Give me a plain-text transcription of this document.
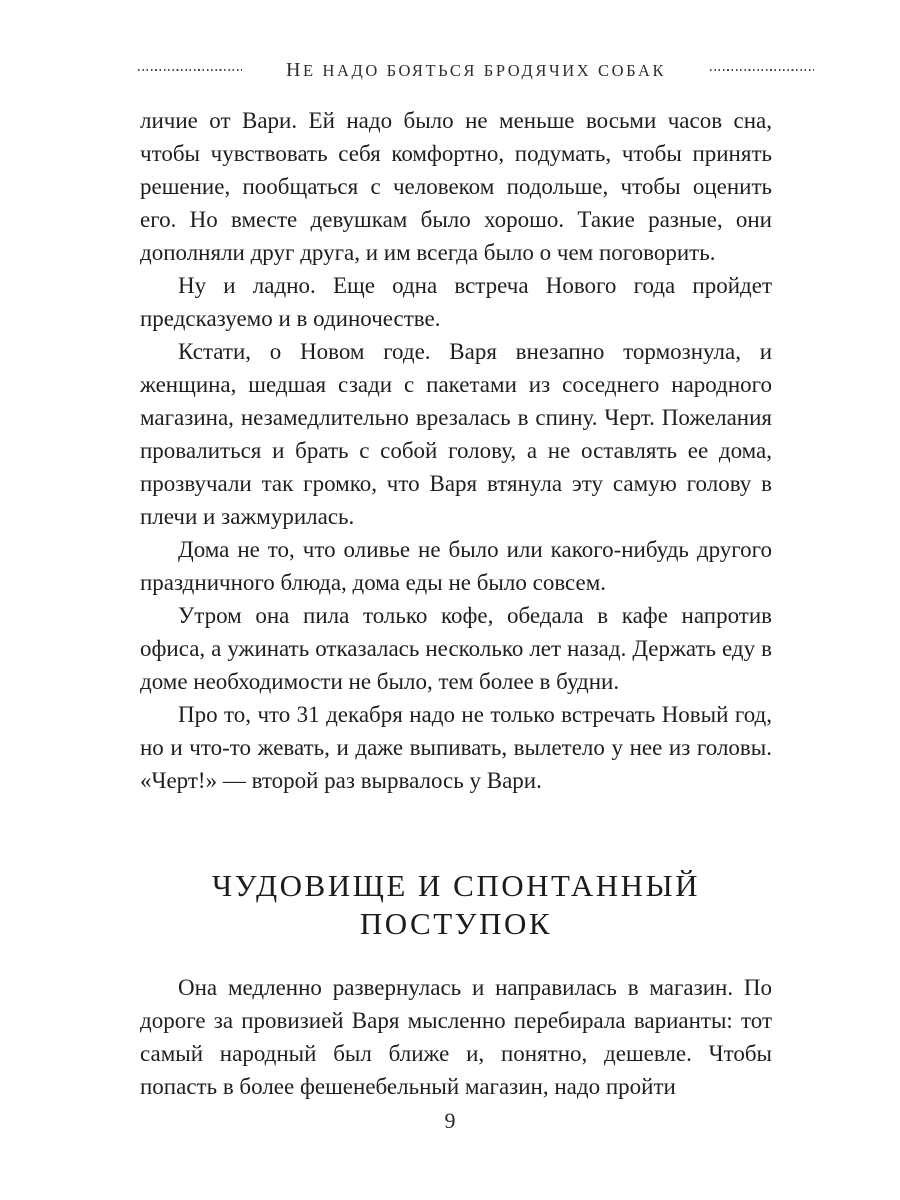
НЕ НАДО БОЯТЬСЯ БРОДЯЧИХ СОБАК

личие от Вари. Ей надо было не меньше восьми часов сна, чтобы чувствовать себя комфортно, подумать, чтобы принять решение, пообщаться с человеком подольше, чтобы оценить его. Но вместе девушкам было хорошо. Такие разные, они дополняли друг друга, и им всегда было о чем поговорить.

Ну и ладно. Еще одна встреча Нового года пройдет предсказуемо и в одиночестве.

Кстати, о Новом годе. Варя внезапно тормознула, и женщина, шедшая сзади с пакетами из соседнего народного магазина, незамедлительно врезалась в спину. Черт. Пожелания провалиться и брать с собой голову, а не оставлять ее дома, прозвучали так громко, что Варя втянула эту самую голову в плечи и зажмурилась.

Дома не то, что оливье не было или какого-нибудь другого праздничного блюда, дома еды не было совсем.

Утром она пила только кофе, обедала в кафе напротив офиса, а ужинать отказалась несколько лет назад. Держать еду в доме необходимости не было, тем более в будни.

Про то, что 31 декабря надо не только встречать Новый год, но и что-то жевать, и даже выпивать, вылетело у нее из головы. «Черт!» — второй раз вырвалось у Вари.

ЧУДОВИЩЕ И СПОНТАННЫЙ
ПОСТУПОК

Она медленно развернулась и направилась в магазин. По дороге за провизией Варя мысленно перебирала варианты: тот самый народный был ближе и, понятно, дешевле. Чтобы попасть в более фешенебельный магазин, надо пройти

9
